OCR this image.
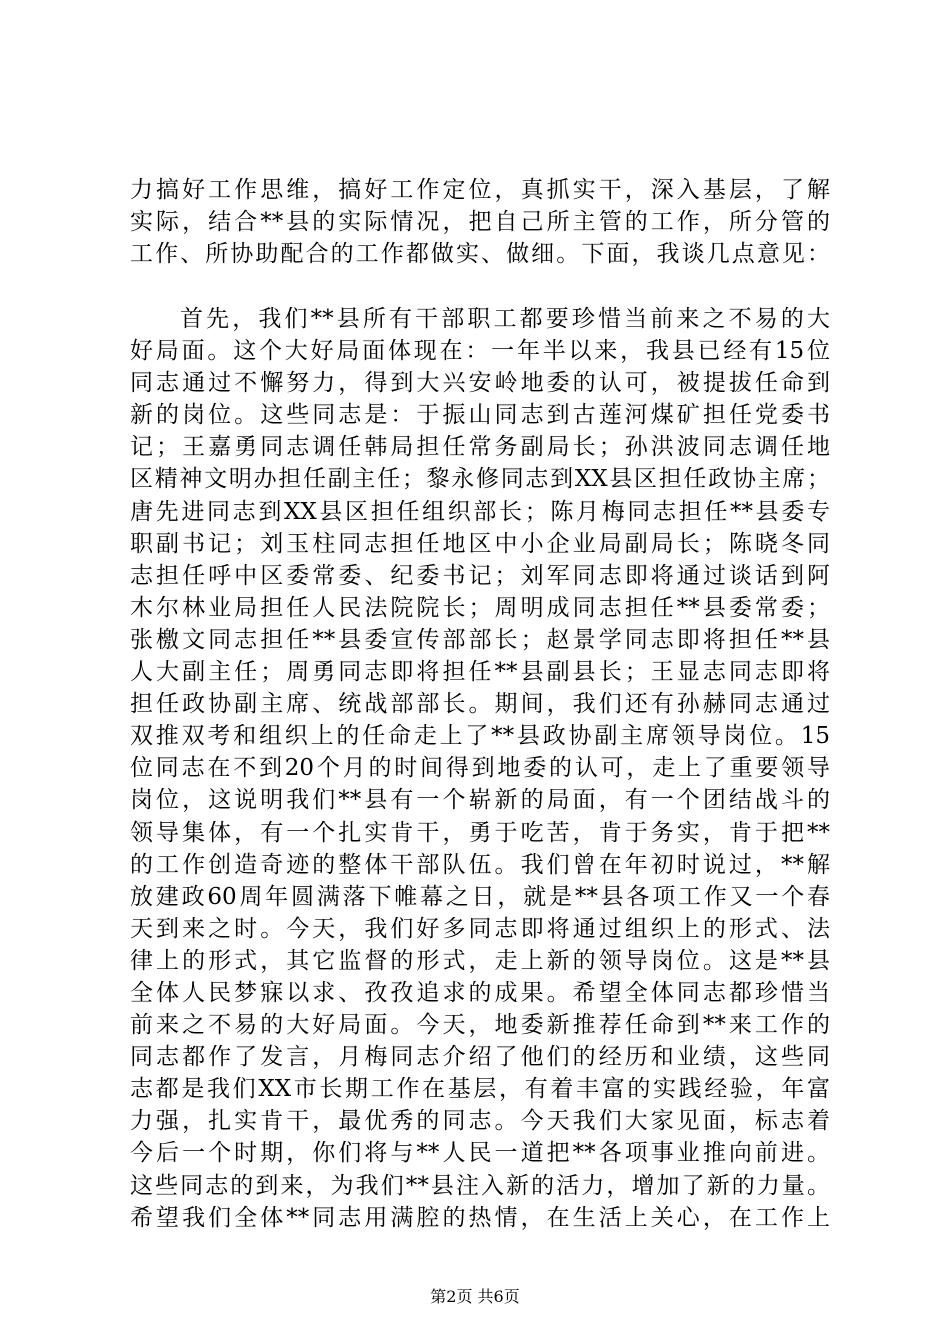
力搞好工作思维，搞好工作定位，真抓实干，深入基层，了解
实际，结合**县的实际情况，把自己所主管的工作，所分管的
工作、所协助配合的工作都做实、做细。下面，我谈几点意见：
首先，我们**县所有干部职工都要珍惜当前来之不易的大
好局面。这个大好局面体现在：一年半以来，我县已经有15位
同志通过不懈努力，得到大兴安岭地委的认可，被提拔任命到
新的岗位。这些同志是：于振山同志到古莲河煤矿担任党委书
记；王嘉勇同志调任韩局担任常务副局长；孙洪波同志调任地
区精神文明办担任副主任；黎永修同志到XX县区担任政协主席；
唐先进同志到XX县区担任组织部长；陈月梅同志担任**县委专
职副书记；刘玉柱同志担任地区中小企业局副局长；陈晓冬同
志担任呼中区委常委、纪委书记；刘军同志即将通过谈话到阿
木尔林业局担任人民法院院长；周明成同志担任**县委常委；
张檄文同志担任**县委宣传部部长；赵景学同志即将担任**县
人大副主任；周勇同志即将担任**县副县长；王显志同志即将
担任政协副主席、统战部部长。期间，我们还有孙赫同志通过
双推双考和组织上的任命走上了**县政协副主席领导岗位。15
位同志在不到20个月的时间得到地委的认可，走上了重要领导
岗位，这说明我们**县有一个崭新的局面，有一个团结战斗的
领导集体，有一个扎实肯干，勇于吃苦，肯于务实，肯于把**
的工作创造奇迹的整体干部队伍。我们曾在年初时说过，**解
放建政60周年圆满落下帷幕之日，就是**县各项工作又一个春
天到来之时。今天，我们好多同志即将通过组织上的形式、法
律上的形式，其它监督的形式，走上新的领导岗位。这是**县
全体人民梦寐以求、孜孜追求的成果。希望全体同志都珍惜当
前来之不易的大好局面。今天，地委新推荐任命到**来工作的
同志都作了发言，月梅同志介绍了他们的经历和业绩，这些同
志都是我们XX市长期工作在基层，有着丰富的实践经验，年富
力强，扎实肯干，最优秀的同志。今天我们大家见面，标志着
今后一个时期，你们将与**人民一道把**各项事业推向前进。
这些同志的到来，为我们**县注入新的活力，增加了新的力量。
希望我们全体**同志用满腔的热情，在生活上关心，在工作上
第2页 共6页
